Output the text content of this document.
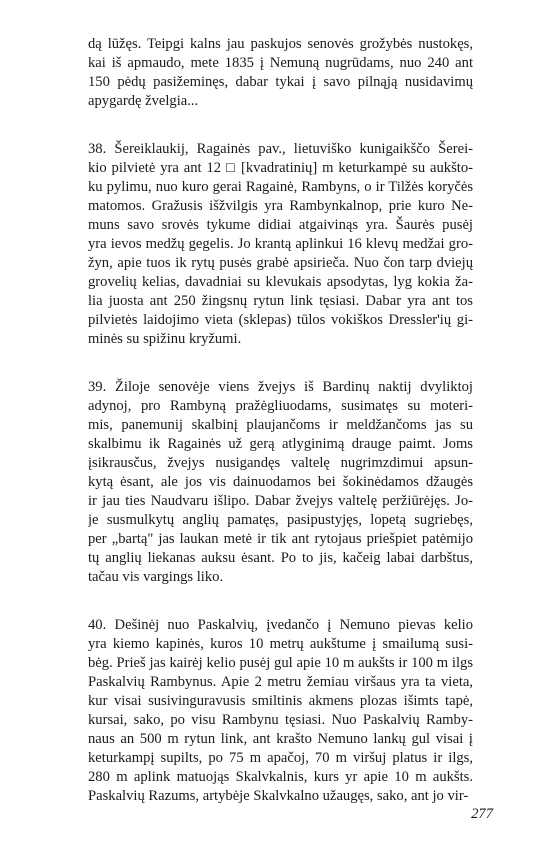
dą lūžęs. Teipgi kalns jau paskujos senovės grožybės nustokęs,
kai iš apmaudo, mete 1835 į Nemuną nugrūdams, nuo 240 ant
150 pėdų pasižeminęs, dabar tykai į savo pilnąją nusidavimų
apygardę žvelgia...
38. Šereiklaukij, Ragainės pav., lietuviško kunigaikščo Šerei-
kio pilvietė yra ant 12 □ [kvadratinių] m keturkampė su aukšto-
ku pylimu, nuo kuro gerai Ragainė, Rambyns, o ir Tilžės koryčės
matomos. Gražusis išžvilgis yra Rambynkalnop, prie kuro Ne-
muns savo srovės tykume didiai atgaivinąs yra. Šaurės pusėj
yra ievos medžų gegelis. Jo krantą aplinkui 16 klevų medžai gro-
žyn, apie tuos ik rytų pusės grabė apsirieča. Nuo čon tarp dviejų
grovelių kelias, davadniai su klevukais apsodytas, lyg kokia ža-
lia juosta ant 250 žingsnų rytun link tęsiasi. Dabar yra ant tos
pilvietės laidojimo vieta (sklepas) tūlos vokiškos Dressler'ių gi-
minės su spižinu kryžumi.
39. Žiloje senovėje viens žvejys iš Bardinų naktij dvyliktoj
adynoj, pro Rambyną pražėgliuodams, susimatęs su moteri-
mis, panemunij skalbinį plaujančoms ir meldžančoms jas su
skalbimu ik Ragainės už gerą atlyginimą drauge paimt. Joms
įsikrausčus, žvejys nusigandęs valtelę nugrimzdimui apsun-
kytą ėsant, ale jos vis dainuodamos bei šokinėdamos džaugės
ir jau ties Naudvaru išlipo. Dabar žvejys valtelę peržiūrėjęs. Jo-
je susmulkytų anglių pamatęs, pasipustyjęs, lopetą sugriebęs,
per „bartą" jas laukan metė ir tik ant rytojaus priešpiet patėmijo
tų anglių liekanas auksu ėsant. Po to jis, kačeig labai darbštus,
tačau vis vargings liko.
40. Dešinėj nuo Paskalvių, įvedančo į Nemuno pievas kelio
yra kiemo kapinės, kuros 10 metrų aukštume į smailumą susi-
bėg. Prieš jas kairėj kelio pusėj gul apie 10 m aukšts ir 100 m ilgs
Paskalvių Rambynus. Apie 2 metru žemiau viršaus yra ta vieta,
kur visai susivinguravusis smiltinis akmens plozas išimts tapė,
kursai, sako, po visu Rambynu tęsiasi. Nuo Paskalvių Ramby-
naus an 500 m rytun link, ant krašto Nemuno lankų gul visai į
keturkampį supilts, po 75 m apačoj, 70 m viršuj platus ir ilgs,
280 m aplink matuojąs Skalvkalnis, kurs yr apie 10 m aukšts.
Paskalvių Razums, artybėje Skalvkalno užaugęs, sako, ant jo vir-
277
